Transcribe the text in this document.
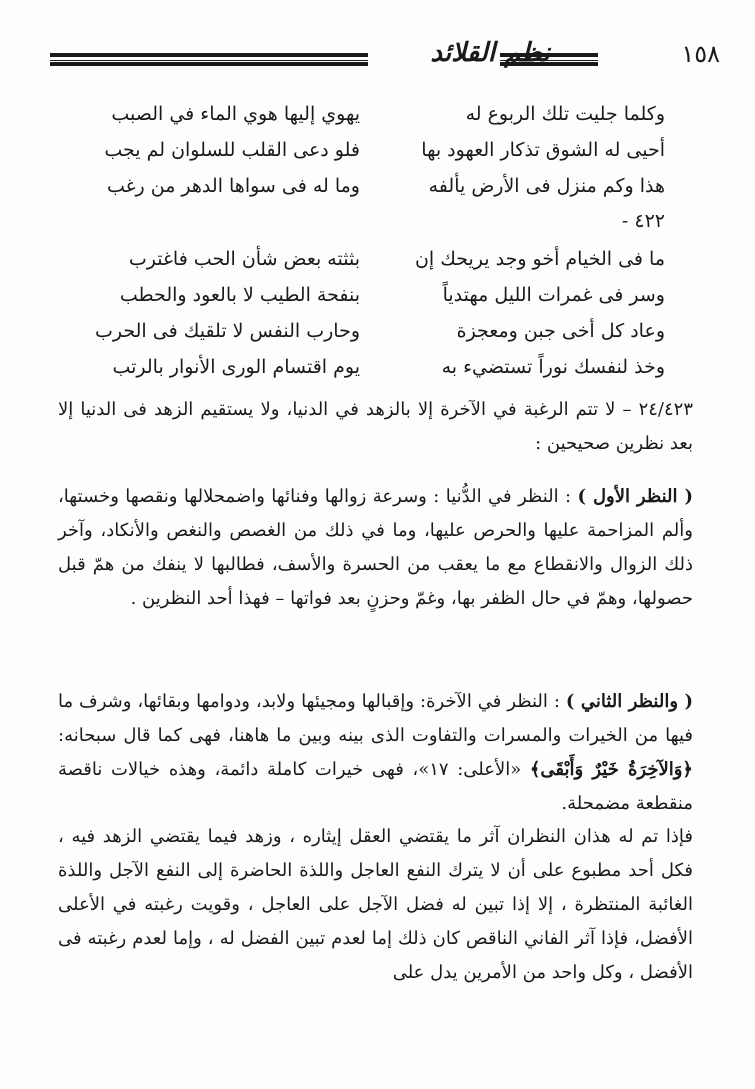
نظم القلائد	١٥٨
وكلما جليت تلك الربوع له
يهوي إليها هوي الماء في الصبب
أحيى له الشوق تذكار العهود بها
فلو دعى القلب للسلوان لم يجب
هذا وكم منزل فى الأرض يألفه
وما له فى سواها الدهر من رغب
٤٢٢ -
ما فى الخيام أخو وجد يريحك إن
بثثته بعض شأن الحب فاغترب
وسر فى غمرات الليل مهتدياً
بنفحة الطيب لا بالعود والحطب
وعاد كل أخى جبن ومعجزة
وحارب النفس لا تلقيك فى الحرب
وخذ لنفسك نوراً تستضيء به
يوم اقتسام الورى الأنوار بالرتب

٢٤/٤٢٣ – لا تتم الرغبة في الآخرة إلا بالزهد في الدنيا، ولا يستقيم الزهد فى الدنيا إلا بعد نظرين صحيحين :

( النظر الأول ) : النظر في الدُّنيا : وسرعة زوالها وفنائها واضمحلالها ونقصها وخستها، وألم المزاحمة عليها والحرص عليها، وما في ذلك من الغصص والنغص والأنكاد، وآخر ذلك الزوال والانقطاع مع ما يعقب من الحسرة والأسف، فطالبها لا ينفك من همّ قبل حصولها، وهمّ في حال الظفر بها، وغمّ وحزنٍ بعد فواتها – فهذا أحد النظرين .

( والنظر الثاني ) : النظر في الآخرة: وإقبالها ومجيئها ولابد، ودوامها وبقائها، وشرف ما فيها من الخيرات والمسرات والتفاوت الذى بينه وبين ما هاهنا، فهى كما قال سبحانه: ﴿وَالآخِرَةُ خَيْرٌ وَأَبْقَى﴾ «الأعلى: ١٧»، فهى خيرات كاملة دائمة، وهذه خيالات ناقصة منقطعة مضمحلة.

فإذا تم له هذان النظران آثر ما يقتضي العقل إيثاره ، وزهد فيما يقتضي الزهد فيه ، فكل أحد مطبوع على أن لا يترك النفع العاجل واللذة الحاضرة إلى النفع الآجل واللذة الغائبة المنتظرة ، إلا إذا تبين له فضل الآجل على العاجل ، وقويت رغبته في الأعلى الأفضل، فإذا آثر الفاني الناقص كان ذلك إما لعدم تبين الفضل له ، وإما لعدم رغبته فى الأفضل ، وكل واحد من الأمرين يدل على
